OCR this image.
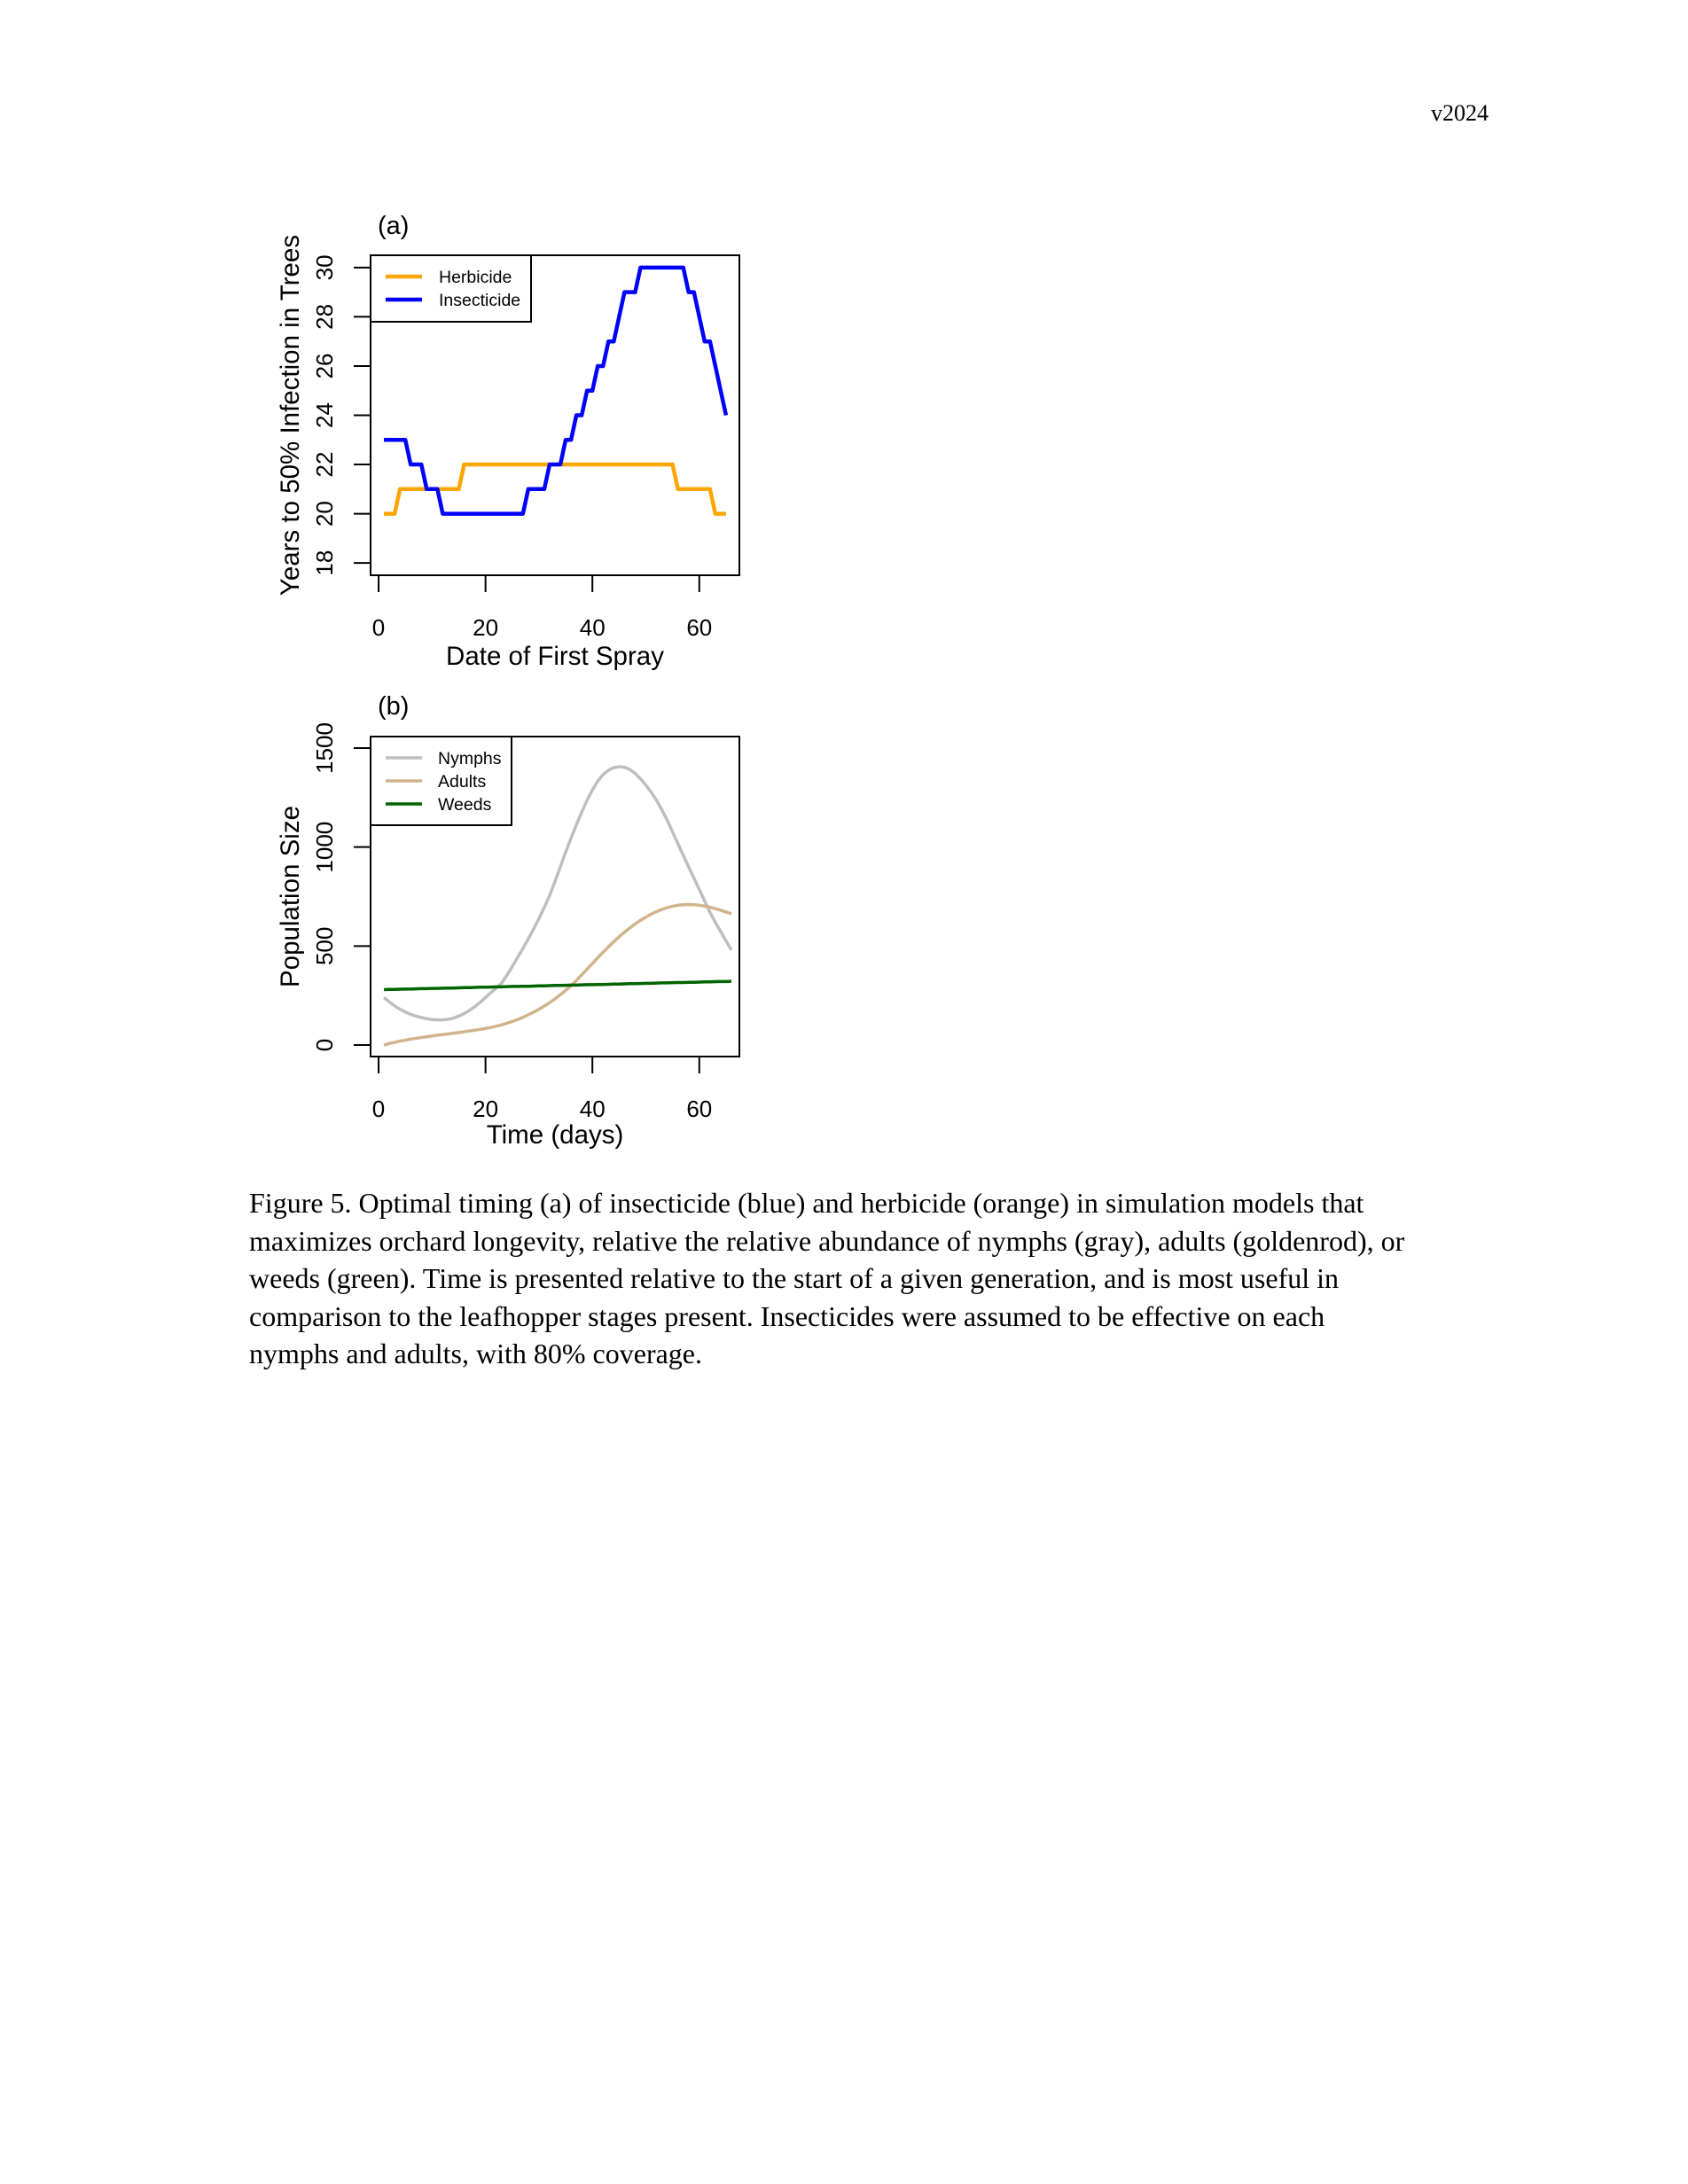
v2024
(a)
Herbicide
Insecticide
0	20	40	60
18
20
22
24
26
28
30
Date of First Spray
Years to 50% Infection in Trees
(b)
Nymphs
Adults
Weeds
0	20	40	60
0
500
1000
1500
Time (days)
Population Size
Figure 5. Optimal timing (a) of insecticide (blue) and herbicide (orange) in simulation models that
maximizes orchard longevity, relative the relative abundance of nymphs (gray), adults (goldenrod), or
weeds (green). Time is presented relative to the start of a given generation, and is most useful in
comparison to the leafhopper stages present. Insecticides were assumed to be effective on each
nymphs and adults, with 80% coverage.
